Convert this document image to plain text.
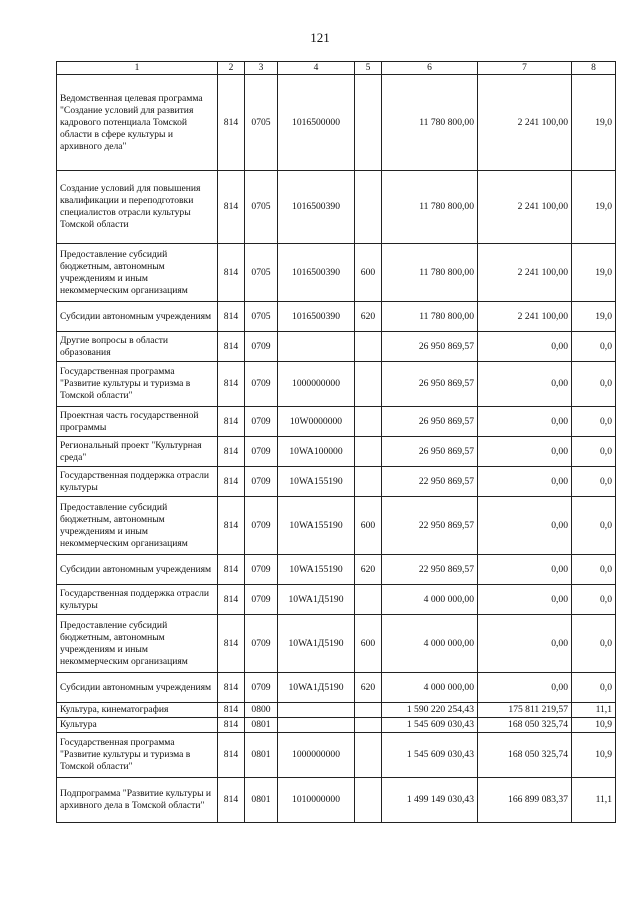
121
1	2	3	4	5	6	7	8
Ведомственная целевая программа "Создание условий для развития кадрового потенциала Томской области в сфере культуры и архивного дела"	814	0705	1016500000		11 780 800,00	2 241 100,00	19,0
Создание условий для повышения квалификации и переподготовки специалистов отрасли культуры Томской области	814	0705	1016500390		11 780 800,00	2 241 100,00	19,0
Предоставление субсидий бюджетным, автономным учреждениям и иным некоммерческим организациям	814	0705	1016500390	600	11 780 800,00	2 241 100,00	19,0
Субсидии автономным учреждениям	814	0705	1016500390	620	11 780 800,00	2 241 100,00	19,0
Другие вопросы в области образования	814	0709			26 950 869,57	0,00	0,0
Государственная программа "Развитие культуры и туризма в Томской области"	814	0709	1000000000		26 950 869,57	0,00	0,0
Проектная часть государственной программы	814	0709	10W0000000		26 950 869,57	0,00	0,0
Региональный проект "Культурная среда"	814	0709	10WA100000		26 950 869,57	0,00	0,0
Государственная поддержка отрасли культуры	814	0709	10WA155190		22 950 869,57	0,00	0,0
Предоставление субсидий бюджетным, автономным учреждениям и иным некоммерческим организациям	814	0709	10WA155190	600	22 950 869,57	0,00	0,0
Субсидии автономным учреждениям	814	0709	10WA155190	620	22 950 869,57	0,00	0,0
Государственная поддержка отрасли культуры	814	0709	10WA1Д5190		4 000 000,00	0,00	0,0
Предоставление субсидий бюджетным, автономным учреждениям и иным некоммерческим организациям	814	0709	10WA1Д5190	600	4 000 000,00	0,00	0,0
Субсидии автономным учреждениям	814	0709	10WA1Д5190	620	4 000 000,00	0,00	0,0
Культура, кинематография	814	0800			1 590 220 254,43	175 811 219,57	11,1
Культура	814	0801			1 545 609 030,43	168 050 325,74	10,9
Государственная программа "Развитие культуры и туризма в Томской области"	814	0801	1000000000		1 545 609 030,43	168 050 325,74	10,9
Подпрограмма "Развитие культуры и архивного дела в Томской области"	814	0801	1010000000		1 499 149 030,43	166 899 083,37	11,1
